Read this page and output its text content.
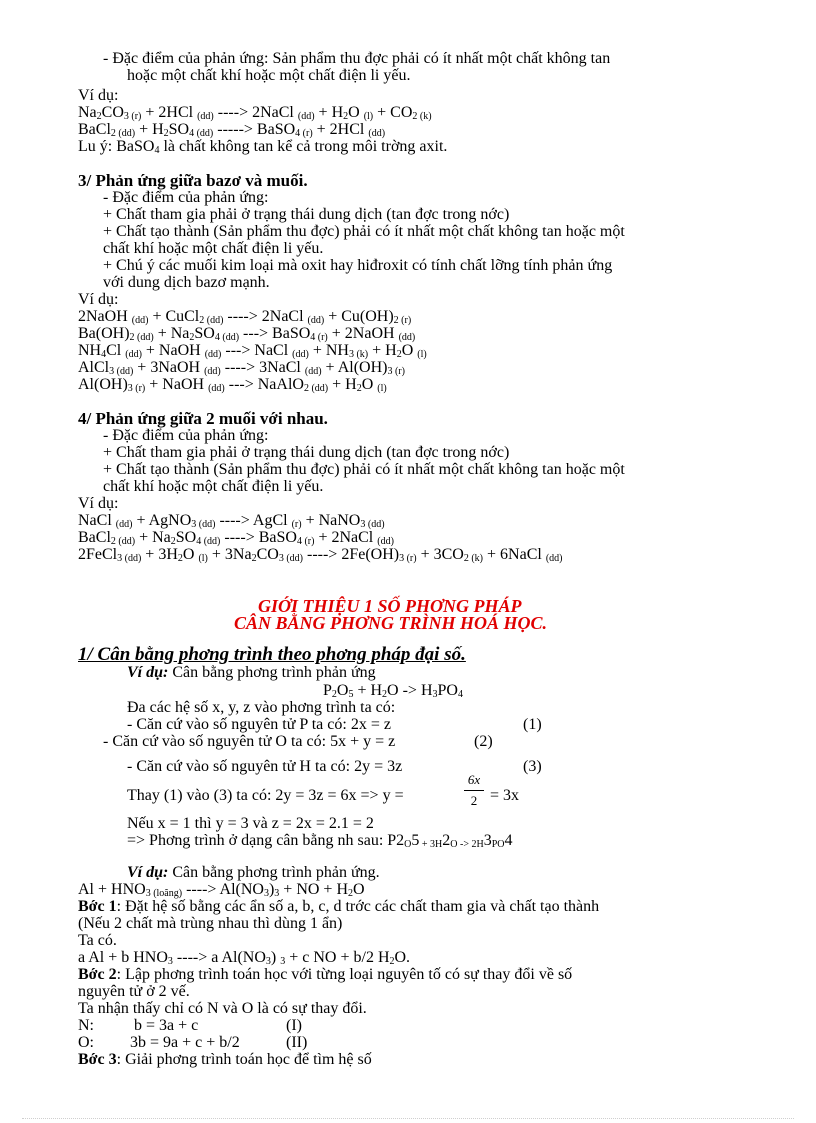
- Đặc điểm của phản ứng: Sản phẩm thu đợc phải có ít nhất một chất không tan
hoặc một chất khí hoặc một chất điện li yếu.
Ví dụ:
$Na_2CO_{3 (r)} + 2HCl$ $_{(dd)}$ ----> 2NaCl $_{(dd)} + H_2O$ $_{(l)} + CO_{2 (k)}$
BaCl$_{2 (dd)}$ + $H_2SO_{4 (dd)}$ -----> BaSO$_{4 (r)}$ + 2HCl $_{(dd)}$
Lu ý: BaSO$_4$ là chất không tan kể cả trong môi trờng axit.
3/ Phản ứng giữa bazơ và muối.
- Đặc điểm của phản ứng:
+ Chất tham gia phải ở trạng thái dung dịch (tan đợc trong nớc)
+ Chất tạo thành (Sản phẩm thu đợc) phải có ít nhất một chất không tan hoặc một
chất khí hoặc một chất điện li yếu.
+ Chú ý các muối kim loại mà oxit hay hiđroxit có tính chất lỡng tính phản ứng
với dung dịch bazơ mạnh.
Ví dụ:
2NaOH $_{(dd)}$ + CuCl$_{2 (dd)}$ ----> 2NaCl $_{(dd)} + Cu(OH)_{2 (r)}$
$Ba(OH)_{2 (dd)} + Na_2SO_{4 (dd)}$ ---> BaSO$_{4 (r)}$ + 2NaOH $_{(dd)}$
$NH_4Cl$ $_{(dd)}$ + NaOH $_{(dd)}$ ---> NaCl $_{(dd)} + NH_{3 (k)} + H_2O$ $_{(l)}$
AlCl$_{3 (dd)}$ + 3NaOH $_{(dd)}$ ----> 3NaCl $_{(dd)} + Al(OH)_{3 (r)}$
$Al(OH)_{3 (r)}$ + NaOH $_{(dd)}$ ---> NaAlO$_{2 (dd)}$ + $H_2O$ $_{(l)}$
4/ Phản ứng giữa 2 muối với nhau.
- Đặc điểm của phản ứng:
+ Chất tham gia phải ở trạng thái dung dịch (tan đợc trong nớc)
+ Chất tạo thành (Sản phẩm thu đợc) phải có ít nhất một chất không tan hoặc một
chất khí hoặc một chất điện li yếu.
Ví dụ:
NaCl $_{(dd)}$ + AgNO$_{3 (dd)}$ ----> AgCl $_{(r)}$ + NaNO$_{3 (dd)}$
BaCl$_{2 (dd)}$ + $Na_2SO_{4 (dd)}$ ----> BaSO$_{4 (r)}$ + 2NaCl $_{(dd)}$
2FeCl$_{3 (dd)}$ + $3H_2O$ $_{(l)} + 3Na_2CO_{3 (dd)}$ ----> $2Fe(OH)_{3 (r)} + 3CO_{2 (k)}$ + 6NaCl $_{(dd)}$
GIỚI THIỆU 1 SỐ PHƠNG PHÁP
CÂN BẰNG PHƠNG TRÌNH HOÁ HỌC.
1/ Cân bằng phơng trình theo phơng pháp đại số.
Ví dụ: Cân bằng phơng trình phản ứng
$P_2O_5 + H_2O -> H_3PO_4$
Đa các hệ số x, y, z vào phơng trình ta có:
- Căn cứ vào số nguyên tử P ta có: 2x = z	(1)
- Căn cứ vào số nguyên tử O ta có: 5x + y = z	(2)
- Căn cứ vào số nguyên tử H ta có: 2y = 3z	(3)
Thay (1) vào (3) ta có: 2y = 3z = 6x => y =
6x
2 = 3x
Nếu x = 1 thì y = 3 và z = 2x = 2.1 = 2
=> Phơng trình ở dạng cân bằng nh sau: $P2_O5$ $_{+ 3H}2_{O -> 2H}3_{PO}4$
Ví dụ: Cân bằng phơng trình phản ứng.
$Al + HNO_{3 (loãng)}$ ----> $Al(NO_3)_3$ + NO + $H_2O$
Bớc 1: Đặt hệ số bằng các ẩn số a, b, c, d trớc các chất tham gia và chất tạo thành
(Nếu 2 chất mà trùng nhau thì dùng 1 ẩn)
Ta có.
a Al + b $HNO_3$ ----> a $Al(NO_3) _3 + c$ NO + b/2 $H_2O$.
Bớc 2: Lập phơng trình toán học với từng loại nguyên tố có sự thay đổi về số
nguyên tử ở 2 vế.
Ta nhận thấy chỉ có N và O là có sự thay đổi.
N:	b = 3a + c	(I)
O: 3b = 9a + c + b/2	(II)
Bớc 3: Giải phơng trình toán học để tìm hệ số
